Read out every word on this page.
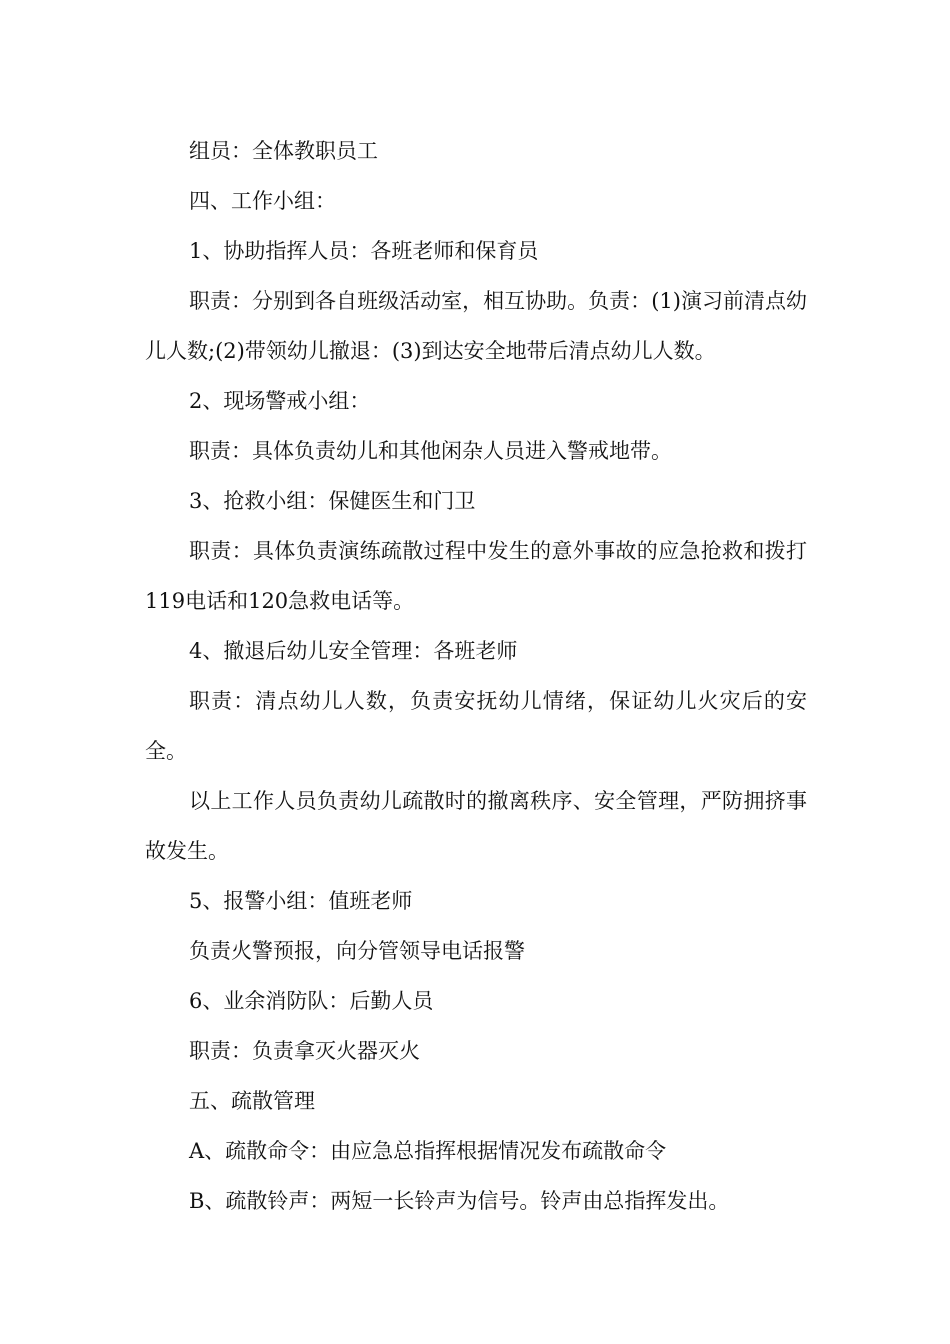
组员：全体教职员工

四、工作小组：

1、协助指挥人员：各班老师和保育员

职责：分别到各自班级活动室，相互协助。负责：(1)演习前清点幼儿人数;(2)带领幼儿撤退：(3)到达安全地带后清点幼儿人数。

2、现场警戒小组：

职责：具体负责幼儿和其他闲杂人员进入警戒地带。

3、抢救小组：保健医生和门卫

职责：具体负责演练疏散过程中发生的意外事故的应急抢救和拨打119电话和120急救电话等。

4、撤退后幼儿安全管理：各班老师

职责：清点幼儿人数，负责安抚幼儿情绪，保证幼儿火灾后的安全。

以上工作人员负责幼儿疏散时的撤离秩序、安全管理，严防拥挤事故发生。

5、报警小组：值班老师

负责火警预报，向分管领导电话报警

6、业余消防队：后勤人员

职责：负责拿灭火器灭火

五、疏散管理

A、疏散命令：由应急总指挥根据情况发布疏散命令

B、疏散铃声：两短一长铃声为信号。铃声由总指挥发出。
